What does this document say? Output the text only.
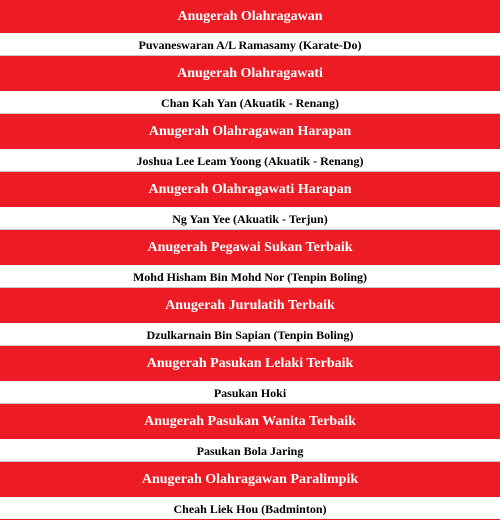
Anugerah Olahragawan
Puvaneswaran A/L Ramasamy (Karate-Do)
Anugerah Olahragawati
Chan Kah Yan (Akuatik - Renang)
Anugerah Olahragawan Harapan
Joshua Lee Leam Yoong (Akuatik - Renang)
Anugerah Olahragawati Harapan
Ng Yan Yee (Akuatik - Terjun)
Anugerah Pegawai Sukan Terbaik
Mohd Hisham Bin Mohd Nor (Tenpin Boling)
Anugerah Jurulatih Terbaik
Dzulkarnain Bin Sapian (Tenpin Boling)
Anugerah Pasukan Lelaki Terbaik
Pasukan Hoki
Anugerah Pasukan Wanita Terbaik
Pasukan Bola Jaring
Anugerah Olahragawan Paralimpik
Cheah Liek Hou (Badminton)
